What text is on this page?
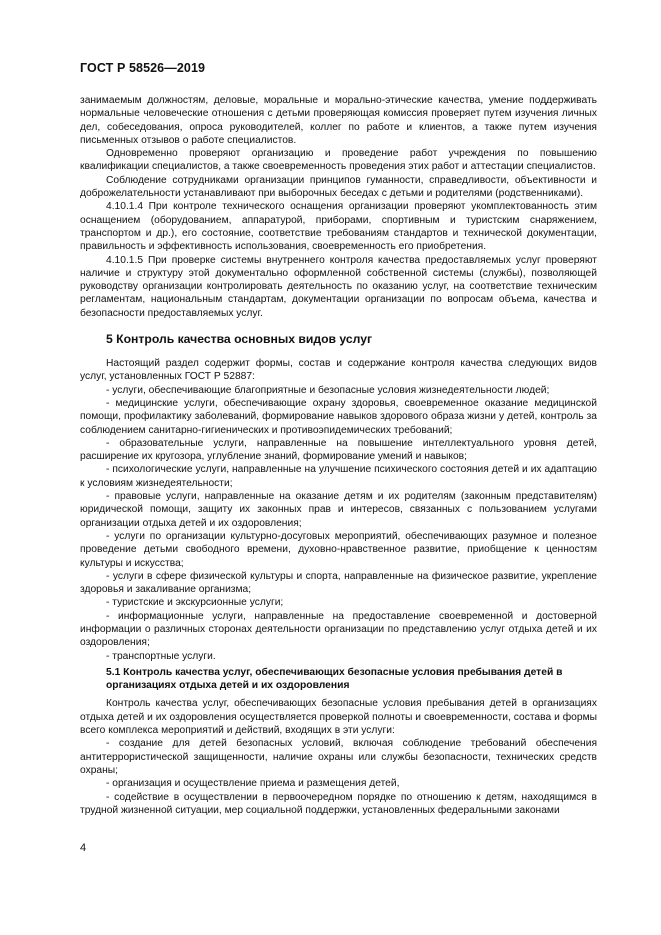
ГОСТ Р 58526—2019

занимаемым должностям, деловые, моральные и морально-этические качества, умение поддерживать нормальные человеческие отношения с детьми проверяющая комиссия проверяет путем изучения личных дел, собеседования, опроса руководителей, коллег по работе и клиентов, а также путем изучения письменных отзывов о работе специалистов.

Одновременно проверяют организацию и проведение работ учреждения по повышению квалификации специалистов, а также своевременность проведения этих работ и аттестации специалистов.

Соблюдение сотрудниками организации принципов гуманности, справедливости, объективности и доброжелательности устанавливают при выборочных беседах с детьми и родителями (родственниками).

4.10.1.4 При контроле технического оснащения организации проверяют укомплектованность этим оснащением (оборудованием, аппаратурой, приборами, спортивным и туристским снаряжением, транспортом и др.), его состояние, соответствие требованиям стандартов и технической документации, правильность и эффективность использования, своевременность его приобретения.

4.10.1.5 При проверке системы внутреннего контроля качества предоставляемых услуг проверяют наличие и структуру этой документально оформленной собственной системы (службы), позволяющей руководству организации контролировать деятельность по оказанию услуг, на соответствие техническим регламентам, национальным стандартам, документации организации по вопросам объема, качества и безопасности предоставляемых услуг.

5 Контроль качества основных видов услуг

Настоящий раздел содержит формы, состав и содержание контроля качества следующих видов услуг, установленных ГОСТ Р 52887:

- услуги, обеспечивающие благоприятные и безопасные условия жизнедеятельности людей;

- медицинские услуги, обеспечивающие охрану здоровья, своевременное оказание медицинской помощи, профилактику заболеваний, формирование навыков здорового образа жизни у детей, контроль за соблюдением санитарно-гигиенических и противоэпидемических требований;

- образовательные услуги, направленные на повышение интеллектуального уровня детей, расширение их кругозора, углубление знаний, формирование умений и навыков;

- психологические услуги, направленные на улучшение психического состояния детей и их адаптацию к условиям жизнедеятельности;

- правовые услуги, направленные на оказание детям и их родителям (законным представителям) юридической помощи, защиту их законных прав и интересов, связанных с пользованием услугами организации отдыха детей и их оздоровления;

- услуги по организации культурно-досуговых мероприятий, обеспечивающих разумное и полезное проведение детьми свободного времени, духовно-нравственное развитие, приобщение к ценностям культуры и искусства;

- услуги в сфере физической культуры и спорта, направленные на физическое развитие, укрепление здоровья и закаливание организма;

- туристские и экскурсионные услуги;

- информационные услуги, направленные на предоставление своевременной и достоверной информации о различных сторонах деятельности организации по представлению услуг отдыха детей и их оздоровления;

- транспортные услуги.

5.1 Контроль качества услуг, обеспечивающих безопасные условия пребывания детей в организациях отдыха детей и их оздоровления

Контроль качества услуг, обеспечивающих безопасные условия пребывания детей в организациях отдыха детей и их оздоровления осуществляется проверкой полноты и своевременности, состава и формы всего комплекса мероприятий и действий, входящих в эти услуги:

- создание для детей безопасных условий, включая соблюдение требований обеспечения антитеррористической защищенности, наличие охраны или службы безопасности, технических средств охраны;

- организация и осуществление приема и размещения детей,

- содействие в осуществлении в первоочередном порядке по отношению к детям, находящимся в трудной жизненной ситуации, мер социальной поддержки, установленных федеральными законами

4
